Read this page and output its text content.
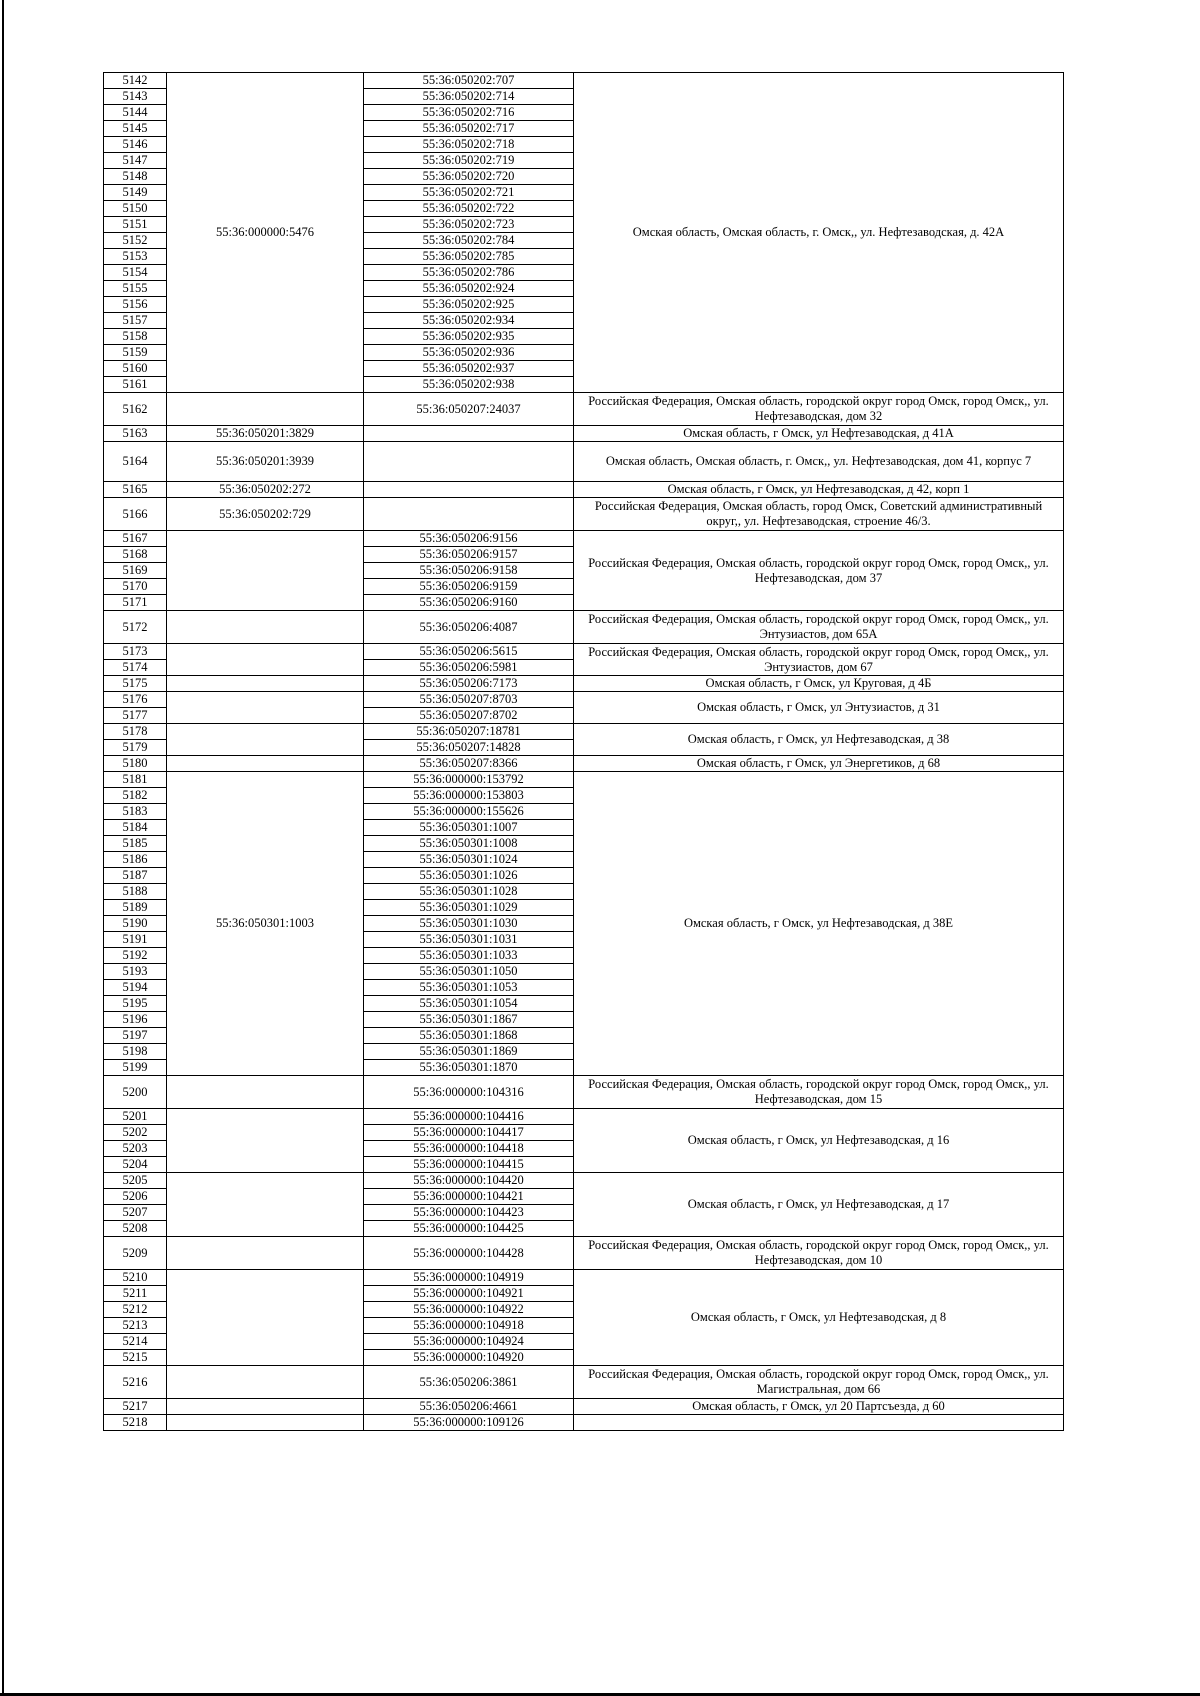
5142	55:36:000000:5476	55:36:050202:707	Омская область, Омская область, г. Омск,, ул. Нефтезаводская, д. 42А
5143		55:36:050202:714	
5144		55:36:050202:716	
5145		55:36:050202:717	
5146		55:36:050202:718	
5147		55:36:050202:719	
5148		55:36:050202:720	
5149		55:36:050202:721	
5150		55:36:050202:722	
5151		55:36:050202:723	
5152		55:36:050202:784	
5153		55:36:050202:785	
5154		55:36:050202:786	
5155		55:36:050202:924	
5156		55:36:050202:925	
5157		55:36:050202:934	
5158		55:36:050202:935	
5159		55:36:050202:936	
5160		55:36:050202:937	
5161		55:36:050202:938	
5162		55:36:050207:24037	Российская Федерация, Омская область, городской округ город Омск, город Омск,, ул. Нефтезаводская, дом 32
5163	55:36:050201:3829		Омская область, г Омск, ул Нефтезаводская, д 41А
5164	55:36:050201:3939		Омская область, Омская область, г. Омск,, ул. Нефтезаводская, дом 41, корпус 7
5165	55:36:050202:272		Омская область, г Омск, ул Нефтезаводская, д 42, корп 1
5166	55:36:050202:729		Российская Федерация, Омская область, город Омск, Советский административный округ,, ул. Нефтезаводская, строение 46/3.
5167		55:36:050206:9156	Российская Федерация, Омская область, городской округ город Омск, город Омск,, ул. Нефтезаводская, дом 37
5168		55:36:050206:9157	
5169		55:36:050206:9158	
5170		55:36:050206:9159	
5171		55:36:050206:9160	
5172		55:36:050206:4087	Российская Федерация, Омская область, городской округ город Омск, город Омск,, ул. Энтузиастов, дом 65А
5173		55:36:050206:5615	Российская Федерация, Омская область, городской округ город Омск, город Омск,, ул. Энтузиастов, дом 67
5174		55:36:050206:5981	
5175		55:36:050206:7173	Омская область, г Омск, ул Круговая, д 4Б
5176		55:36:050207:8703	Омская область, г Омск, ул Энтузиастов, д 31
5177		55:36:050207:8702	
5178		55:36:050207:18781	Омская область, г Омск, ул Нефтезаводская, д 38
5179		55:36:050207:14828	
5180		55:36:050207:8366	Омская область, г Омск, ул Энергетиков, д 68
5181	55:36:050301:1003	55:36:000000:153792	Омская область, г Омск, ул Нефтезаводская, д 38Е
5182		55:36:000000:153803	
5183		55:36:000000:155626	
5184		55:36:050301:1007	
5185		55:36:050301:1008	
5186		55:36:050301:1024	
5187		55:36:050301:1026	
5188		55:36:050301:1028	
5189		55:36:050301:1029	
5190		55:36:050301:1030	
5191		55:36:050301:1031	
5192		55:36:050301:1033	
5193		55:36:050301:1050	
5194		55:36:050301:1053	
5195		55:36:050301:1054	
5196		55:36:050301:1867	
5197		55:36:050301:1868	
5198		55:36:050301:1869	
5199		55:36:050301:1870	
5200		55:36:000000:104316	Российская Федерация, Омская область, городской округ город Омск, город Омск,, ул. Нефтезаводская, дом 15
5201		55:36:000000:104416	Омская область, г Омск, ул Нефтезаводская, д 16
5202		55:36:000000:104417	
5203		55:36:000000:104418	
5204		55:36:000000:104415	
5205		55:36:000000:104420	Омская область, г Омск, ул Нефтезаводская, д 17
5206		55:36:000000:104421	
5207		55:36:000000:104423	
5208		55:36:000000:104425	
5209		55:36:000000:104428	Российская Федерация, Омская область, городской округ город Омск, город Омск,, ул. Нефтезаводская, дом 10
5210		55:36:000000:104919	Омская область, г Омск, ул Нефтезаводская, д 8
5211		55:36:000000:104921	
5212		55:36:000000:104922	
5213		55:36:000000:104918	
5214		55:36:000000:104924	
5215		55:36:000000:104920	
5216		55:36:050206:3861	Российская Федерация, Омская область, городской округ город Омск, город Омск,, ул. Магистральная, дом 66
5217		55:36:050206:4661	Омская область, г Омск, ул 20 Партсъезда, д 60
5218		55:36:000000:109126	
